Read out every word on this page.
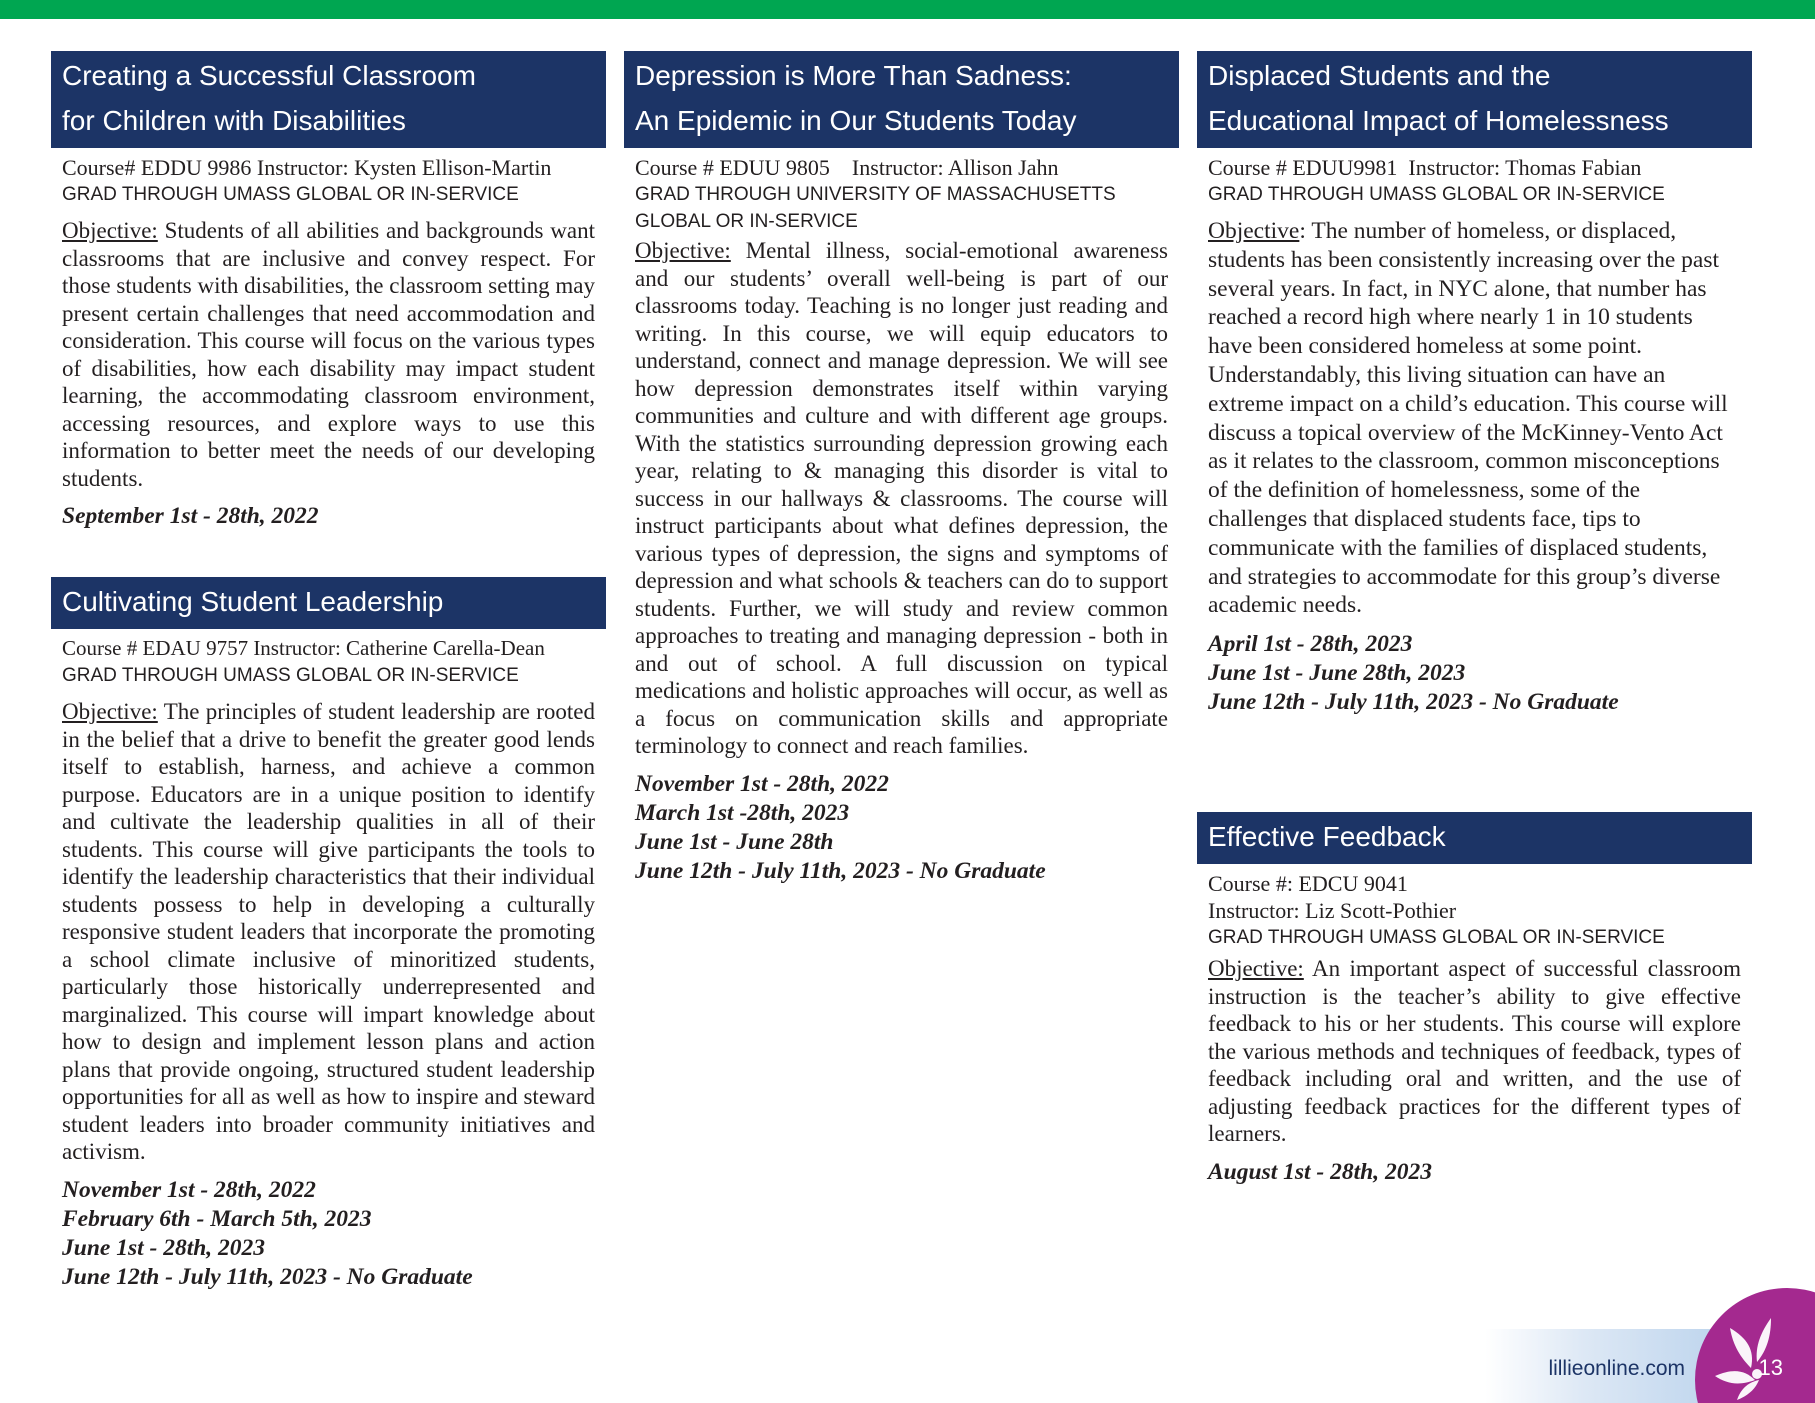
Creating a Successful Classroom
for Children with Disabilities
Course# EDDU 9986 Instructor: Kysten Ellison-Martin
GRAD THROUGH UMASS GLOBAL OR IN-SERVICE
Objective: Students of all abilities and backgrounds want classrooms that are inclusive and convey respect. For those students with disabilities, the classroom setting may present certain challenges that need accommodation and consideration. This course will focus on the various types of disabilities, how each disability may impact student learning, the accommodating classroom environment, accessing resources, and explore ways to use this information to better meet the needs of our developing students.
September 1st - 28th, 2022
Cultivating Student Leadership
Course # EDAU 9757 Instructor: Catherine Carella-Dean
GRAD THROUGH UMASS GLOBAL OR IN-SERVICE
Objective: The principles of student leadership are rooted in the belief that a drive to benefit the greater good lends itself to establish, harness, and achieve a common purpose. Educators are in a unique position to identify and cultivate the leadership qualities in all of their students. This course will give participants the tools to identify the leadership characteristics that their individual students possess to help in developing a culturally responsive student leaders that incorporate the promoting a school climate inclusive of minoritized students, particularly those historically underrepresented and marginalized. This course will impart knowledge about how to design and implement lesson plans and action plans that provide ongoing, structured student leadership opportunities for all as well as how to inspire and steward student leaders into broader community initiatives and activism.
November 1st - 28th, 2022
February 6th - March 5th, 2023
June 1st - 28th, 2023
June 12th - July 11th, 2023 - No Graduate
Depression is More Than Sadness:
An Epidemic in Our Students Today
Course # EDUU 9805    Instructor: Allison Jahn
GRAD THROUGH UNIVERSITY OF MASSACHUSETTS
GLOBAL OR IN-SERVICE
Objective: Mental illness, social-emotional awareness and our students’ overall well-being is part of our classrooms today. Teaching is no longer just reading and writing. In this course, we will equip educators to understand, connect and manage depression. We will see how depression demonstrates itself within varying communities and culture and with different age groups. With the statistics surrounding depression growing each year, relating to & managing this disorder is vital to success in our hallways & classrooms. The course will instruct participants about what defines depression, the various types of depression, the signs and symptoms of depression and what schools & teachers can do to support students. Further, we will study and review common approaches to treating and managing depression - both in and out of school. A full discussion on typical medications and holistic approaches will occur, as well as a focus on communication skills and appropriate terminology to connect and reach families.
November 1st - 28th, 2022
March 1st -28th, 2023
June 1st - June 28th
June 12th - July 11th, 2023 - No Graduate
Displaced Students and the
Educational Impact of Homelessness
Course # EDUU9981  Instructor: Thomas Fabian
GRAD THROUGH UMASS GLOBAL OR IN-SERVICE
Objective: The number of homeless, or displaced, students has been consistently increasing over the past several years. In fact, in NYC alone, that number has reached a record high where nearly 1 in 10 students have been considered homeless at some point. Understandably, this living situation can have an extreme impact on a child’s education. This course will discuss a topical overview of the McKinney-Vento Act as it relates to the classroom, common misconceptions of the definition of homelessness, some of the challenges that displaced students face, tips to communicate with the families of displaced students, and strategies to accommodate for this group’s diverse academic needs.
April 1st - 28th, 2023
June 1st - June 28th, 2023
June 12th - July 11th, 2023 - No Graduate
Effective Feedback
Course #: EDCU 9041
Instructor: Liz Scott-Pothier
GRAD THROUGH UMASS GLOBAL OR IN-SERVICE
Objective: An important aspect of successful classroom instruction is the teacher’s ability to give effective feedback to his or her students. This course will explore the various methods and techniques of feedback, types of feedback including oral and written, and the use of adjusting feedback practices for the different types of learners.
August 1st - 28th, 2023
lillieonline.com	13
